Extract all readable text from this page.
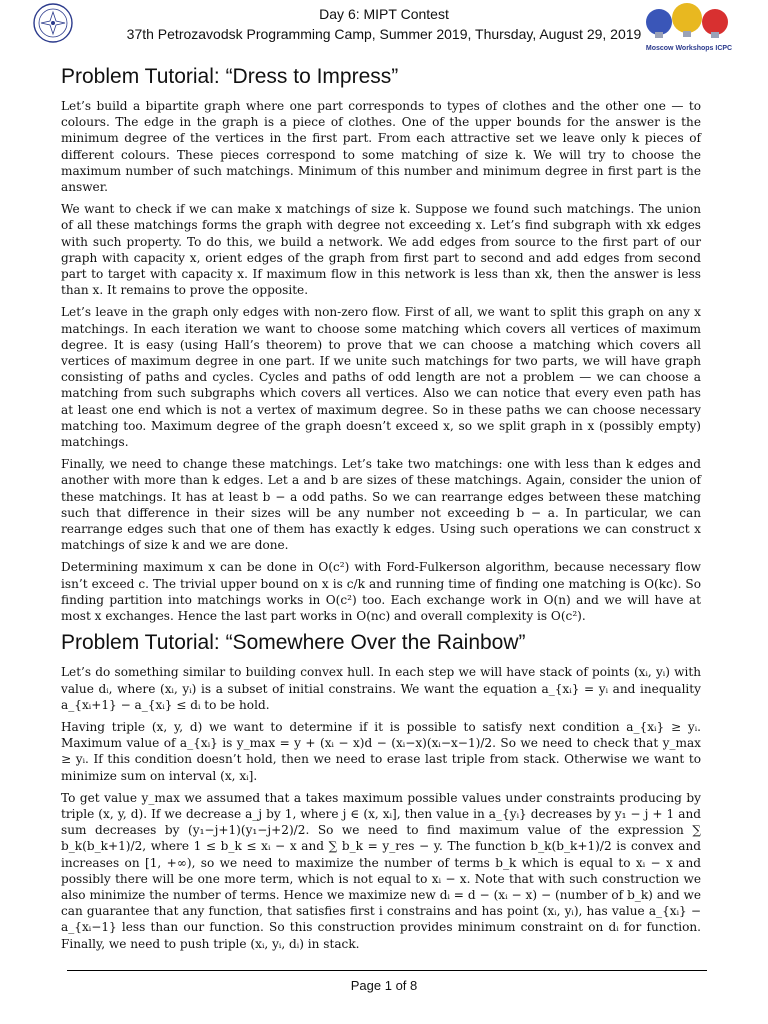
Day 6: MIPT Contest
37th Petrozavodsk Programming Camp, Summer 2019, Thursday, August 29, 2019
Moscow Workshops ICPC
Problem Tutorial: “Dress to Impress”

Let’s build a bipartite graph where one part corresponds to types of clothes and the other one — to colours. The edge in the graph is a piece of clothes. One of the upper bounds for the answer is the minimum degree of the vertices in the first part. From each attractive set we leave only k pieces of different colours. These pieces correspond to some matching of size k. We will try to choose the maximum number of such matchings. Minimum of this number and minimum degree in first part is the answer.

We want to check if we can make x matchings of size k. Suppose we found such matchings. The union of all these matchings forms the graph with degree not exceeding x. Let’s find subgraph with xk edges with such property. To do this, we build a network. We add edges from source to the first part of our graph with capacity x, orient edges of the graph from first part to second and add edges from second part to target with capacity x. If maximum flow in this network is less than xk, then the answer is less than x. It remains to prove the opposite.

Let’s leave in the graph only edges with non-zero flow. First of all, we want to split this graph on any x matchings. In each iteration we want to choose some matching which covers all vertices of maximum degree. It is easy (using Hall’s theorem) to prove that we can choose a matching which covers all vertices of maximum degree in one part. If we unite such matchings for two parts, we will have graph consisting of paths and cycles. Cycles and paths of odd length are not a problem — we can choose a matching from such subgraphs which covers all vertices. Also we can notice that every even path has at least one end which is not a vertex of maximum degree. So in these paths we can choose necessary matching too. Maximum degree of the graph doesn’t exceed x, so we split graph in x (possibly empty) matchings.

Finally, we need to change these matchings. Let’s take two matchings: one with less than k edges and another with more than k edges. Let a and b are sizes of these matchings. Again, consider the union of these matchings. It has at least b − a odd paths. So we can rearrange edges between these matching such that difference in their sizes will be any number not exceeding b − a. In particular, we can rearrange edges such that one of them has exactly k edges. Using such operations we can construct x matchings of size k and we are done.

Determining maximum x can be done in O(c²) with Ford-Fulkerson algorithm, because necessary flow isn’t exceed c. The trivial upper bound on x is c/k and running time of finding one matching is O(kc). So finding partition into matchings works in O(c²) too. Each exchange work in O(n) and we will have at most x exchanges. Hence the last part works in O(nc) and overall complexity is O(c²).

Problem Tutorial: “Somewhere Over the Rainbow”

Let’s do something similar to building convex hull. In each step we will have stack of points (xᵢ, yᵢ) with value dᵢ, where (xᵢ, yᵢ) is a subset of initial constrains. We want the equation a_{xᵢ} = yᵢ and inequality a_{xᵢ+1} − a_{xᵢ} ≤ dᵢ to be hold.

Having triple (x, y, d) we want to determine if it is possible to satisfy next condition a_{xᵢ} ≥ yᵢ. Maximum value of a_{xᵢ} is y_max = y + (xᵢ − x)d − (xᵢ−x)(xᵢ−x−1)/2. So we need to check that y_max ≥ yᵢ. If this condition doesn’t hold, then we need to erase last triple from stack. Otherwise we want to minimize sum on interval (x, xᵢ].

To get value y_max we assumed that a takes maximum possible values under constraints producing by triple (x, y, d). If we decrease a_j by 1, where j ∈ (x, xᵢ], then value in a_{yᵢ} decreases by y₁ − j + 1 and sum decreases by (y₁−j+1)(y₁−j+2)/2. So we need to find maximum value of the expression ∑ b_k(b_k+1)/2, where 1 ≤ b_k ≤ xᵢ − x and ∑ b_k = y_res − y. The function b_k(b_k+1)/2 is convex and increases on [1, +∞), so we need to maximize the number of terms b_k which is equal to xᵢ − x and possibly there will be one more term, which is not equal to xᵢ − x. Note that with such construction we also minimize the number of terms. Hence we maximize new dᵢ = d − (xᵢ − x) − (number of b_k) and we can guarantee that any function, that satisfies first i constrains and has point (xᵢ, yᵢ), has value a_{xᵢ} − a_{xᵢ−1} less than our function. So this construction provides minimum constraint on dᵢ for function. Finally, we need to push triple (xᵢ, yᵢ, dᵢ) in stack.

Page 1 of 8
